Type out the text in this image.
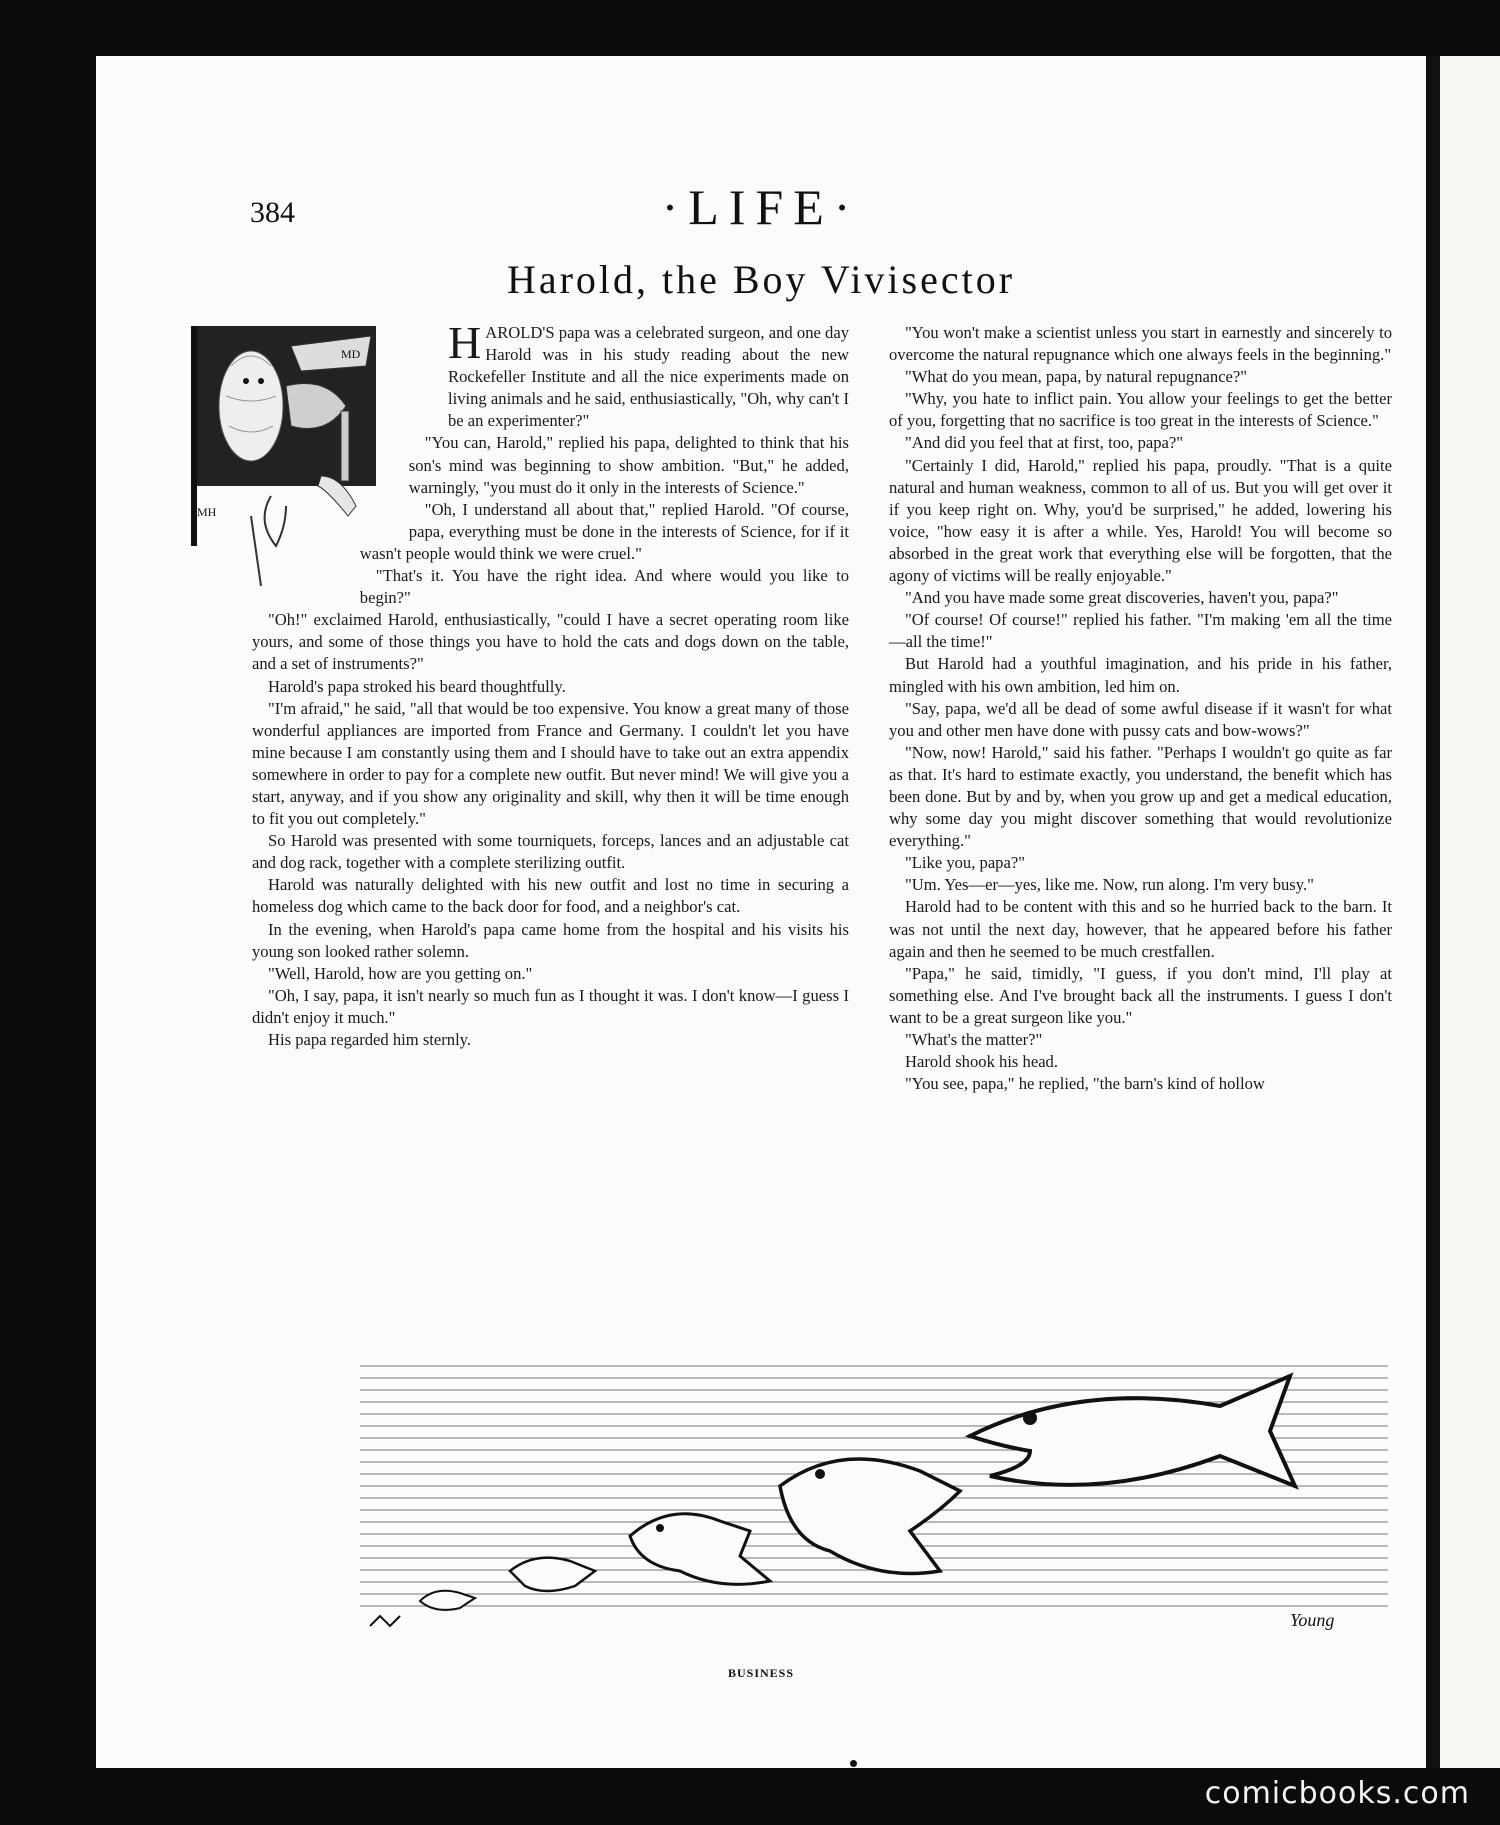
384	·LIFE·
Harold, the Boy Vivisector
MD
MH

HAROLD'S papa was a celebrated surgeon, and one day Harold was in his study reading about the new Rockefeller Institute and all the nice experiments made on living animals and he said, enthusiastically, "Oh, why can't I be an experimenter?"

"You can, Harold," replied his papa, delighted to think that his son's mind was beginning to show ambition. "But," he added, warningly, "you must do it only in the interests of Science."

"Oh, I understand all about that," replied Harold. "Of course, papa, everything must be done in the interests of Science, for if it wasn't people would think we were cruel."

"That's it. You have the right idea. And where would you like to begin?"

"Oh!" exclaimed Harold, enthusiastically, "could I have a secret operating room like yours, and some of those things you have to hold the cats and dogs down on the table, and a set of instruments?"

Harold's papa stroked his beard thoughtfully.

"I'm afraid," he said, "all that would be too expensive. You know a great many of those wonderful appliances are imported from France and Germany. I couldn't let you have mine because I am constantly using them and I should have to take out an extra appendix somewhere in order to pay for a complete new outfit. But never mind! We will give you a start, anyway, and if you show any originality and skill, why then it will be time enough to fit you out completely."

So Harold was presented with some tourniquets, forceps, lances and an adjustable cat and dog rack, together with a complete sterilizing outfit.

Harold was naturally delighted with his new outfit and lost no time in securing a homeless dog which came to the back door for food, and a neighbor's cat.

In the evening, when Harold's papa came home from the hospital and his visits his young son looked rather solemn.

"Well, Harold, how are you getting on."

"Oh, I say, papa, it isn't nearly so much fun as I thought it was. I don't know—I guess I didn't enjoy it much."

His papa regarded him sternly.

"You won't make a scientist unless you start in earnestly and sincerely to overcome the natural repugnance which one always feels in the beginning."

"What do you mean, papa, by natural repugnance?"

"Why, you hate to inflict pain. You allow your feelings to get the better of you, forgetting that no sacrifice is too great in the interests of Science."

"And did you feel that at first, too, papa?"

"Certainly I did, Harold," replied his papa, proudly. "That is a quite natural and human weakness, common to all of us. But you will get over it if you keep right on. Why, you'd be surprised," he added, lowering his voice, "how easy it is after a while. Yes, Harold! You will become so absorbed in the great work that everything else will be forgotten, that the agony of victims will be really enjoyable."

"And you have made some great discoveries, haven't you, papa?"

"Of course! Of course!" replied his father. "I'm making 'em all the time—all the time!"

But Harold had a youthful imagination, and his pride in his father, mingled with his own ambition, led him on.

"Say, papa, we'd all be dead of some awful disease if it wasn't for what you and other men have done with pussy cats and bow-wows?"

"Now, now! Harold," said his father. "Perhaps I wouldn't go quite as far as that. It's hard to estimate exactly, you understand, the benefit which has been done. But by and by, when you grow up and get a medical education, why some day you might discover something that would revolutionize everything."

"Like you, papa?"

"Um. Yes—er—yes, like me. Now, run along. I'm very busy."

Harold had to be content with this and so he hurried back to the barn. It was not until the next day, however, that he appeared before his father again and then he seemed to be much crestfallen.

"Papa," he said, timidly, "I guess, if you don't mind, I'll play at something else. And I've brought back all the instruments. I guess I don't want to be a great surgeon like you."

"What's the matter?"

Harold shook his head.

"You see, papa," he replied, "the barn's kind of hollow

Young
BUSINESS
comicbooks.com
